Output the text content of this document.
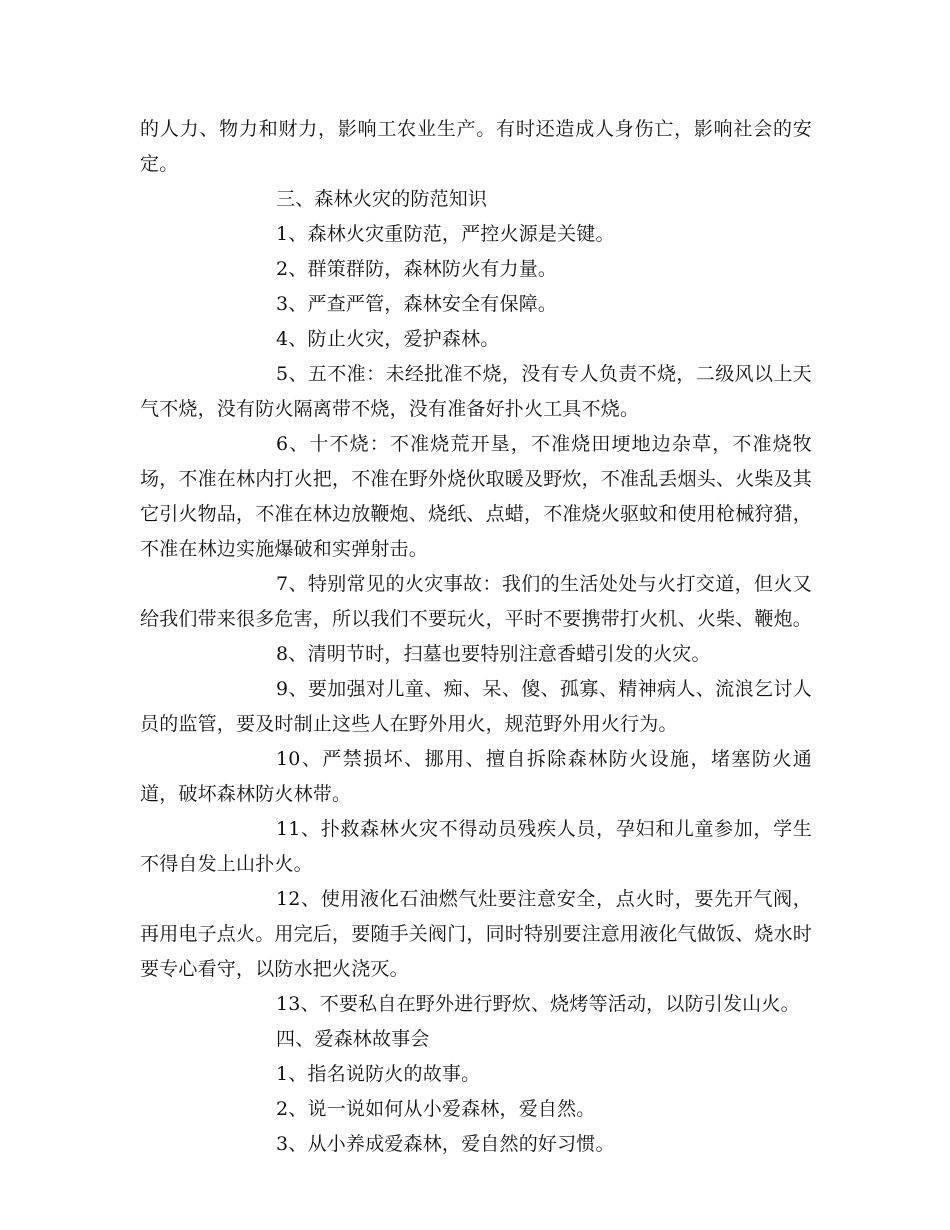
的人力、物力和财力，影响工农业生产。有时还造成人身伤亡，影响社会的安定。

三、森林火灾的防范知识

1、森林火灾重防范，严控火源是关键。

2、群策群防，森林防火有力量。

3、严查严管，森林安全有保障。

4、防止火灾，爱护森林。

5、五不准：未经批准不烧，没有专人负责不烧，二级风以上天气不烧，没有防火隔离带不烧，没有准备好扑火工具不烧。

6、十不烧：不准烧荒开垦，不准烧田埂地边杂草，不准烧牧场，不准在林内打火把，不准在野外烧伙取暖及野炊，不准乱丢烟头、火柴及其它引火物品，不准在林边放鞭炮、烧纸、点蜡，不准烧火驱蚊和使用枪械狩猎，不准在林边实施爆破和实弹射击。

7、特别常见的火灾事故：我们的生活处处与火打交道，但火又给我们带来很多危害，所以我们不要玩火，平时不要携带打火机、火柴、鞭炮。

8、清明节时，扫墓也要特别注意香蜡引发的火灾。

9、要加强对儿童、痴、呆、傻、孤寡、精神病人、流浪乞讨人员的监管，要及时制止这些人在野外用火，规范野外用火行为。

10、严禁损坏、挪用、擅自拆除森林防火设施，堵塞防火通道，破坏森林防火林带。

11、扑救森林火灾不得动员残疾人员，孕妇和儿童参加，学生不得自发上山扑火。

12、使用液化石油燃气灶要注意安全，点火时，要先开气阀，再用电子点火。用完后，要随手关阀门，同时特别要注意用液化气做饭、烧水时要专心看守，以防水把火浇灭。

13、不要私自在野外进行野炊、烧烤等活动，以防引发山火。

四、爱森林故事会

1、指名说防火的故事。

2、说一说如何从小爱森林，爱自然。

3、从小养成爱森林，爱自然的好习惯。
